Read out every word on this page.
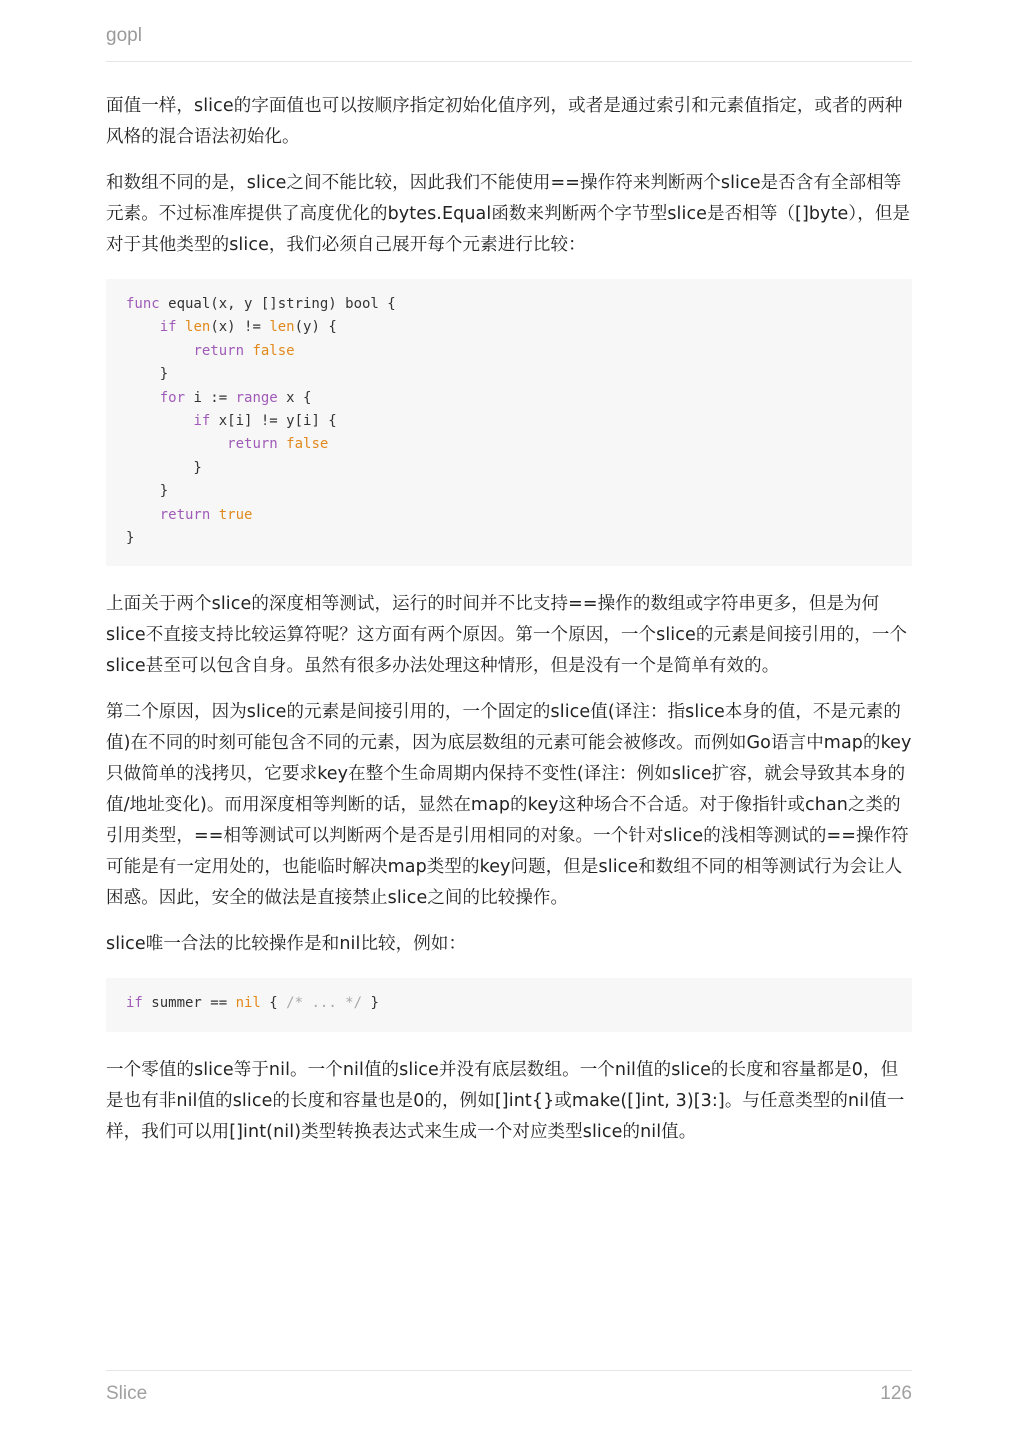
gopl

面值一样，slice的字面值也可以按顺序指定初始化值序列，或者是通过索引和元素值指定，或者的两种风格的混合语法初始化。

和数组不同的是，slice之间不能比较，因此我们不能使用==操作符来判断两个slice是否含有全部相等元素。不过标准库提供了高度优化的bytes.Equal函数来判断两个字节型slice是否相等（[]byte），但是对于其他类型的slice，我们必须自己展开每个元素进行比较：

func equal(x, y []string) bool {
if len(x) != len(y) {
return false
}
for i := range x {
if x[i] != y[i] {
return false
}
}
return true
}

上面关于两个slice的深度相等测试，运行的时间并不比支持==操作的数组或字符串更多，但是为何slice不直接支持比较运算符呢？这方面有两个原因。第一个原因，一个slice的元素是间接引用的，一个slice甚至可以包含自身。虽然有很多办法处理这种情形，但是没有一个是简单有效的。

第二个原因，因为slice的元素是间接引用的，一个固定的slice值(译注：指slice本身的值，不是元素的值)在不同的时刻可能包含不同的元素，因为底层数组的元素可能会被修改。而例如Go语言中map的key只做简单的浅拷贝，它要求key在整个生命周期内保持不变性(译注：例如slice扩容，就会导致其本身的值/地址变化)。而用深度相等判断的话，显然在map的key这种场合不合适。对于像指针或chan之类的引用类型，==相等测试可以判断两个是否是引用相同的对象。一个针对slice的浅相等测试的==操作符可能是有一定用处的，也能临时解决map类型的key问题，但是slice和数组不同的相等测试行为会让人困惑。因此，安全的做法是直接禁止slice之间的比较操作。

slice唯一合法的比较操作是和nil比较，例如：

if summer == nil { /* ... */ }

一个零值的slice等于nil。一个nil值的slice并没有底层数组。一个nil值的slice的长度和容量都是0，但是也有非nil值的slice的长度和容量也是0的，例如[]int{}或make([]int, 3)[3:]。与任意类型的nil值一样，我们可以用[]int(nil)类型转换表达式来生成一个对应类型slice的nil值。

Slice	126
